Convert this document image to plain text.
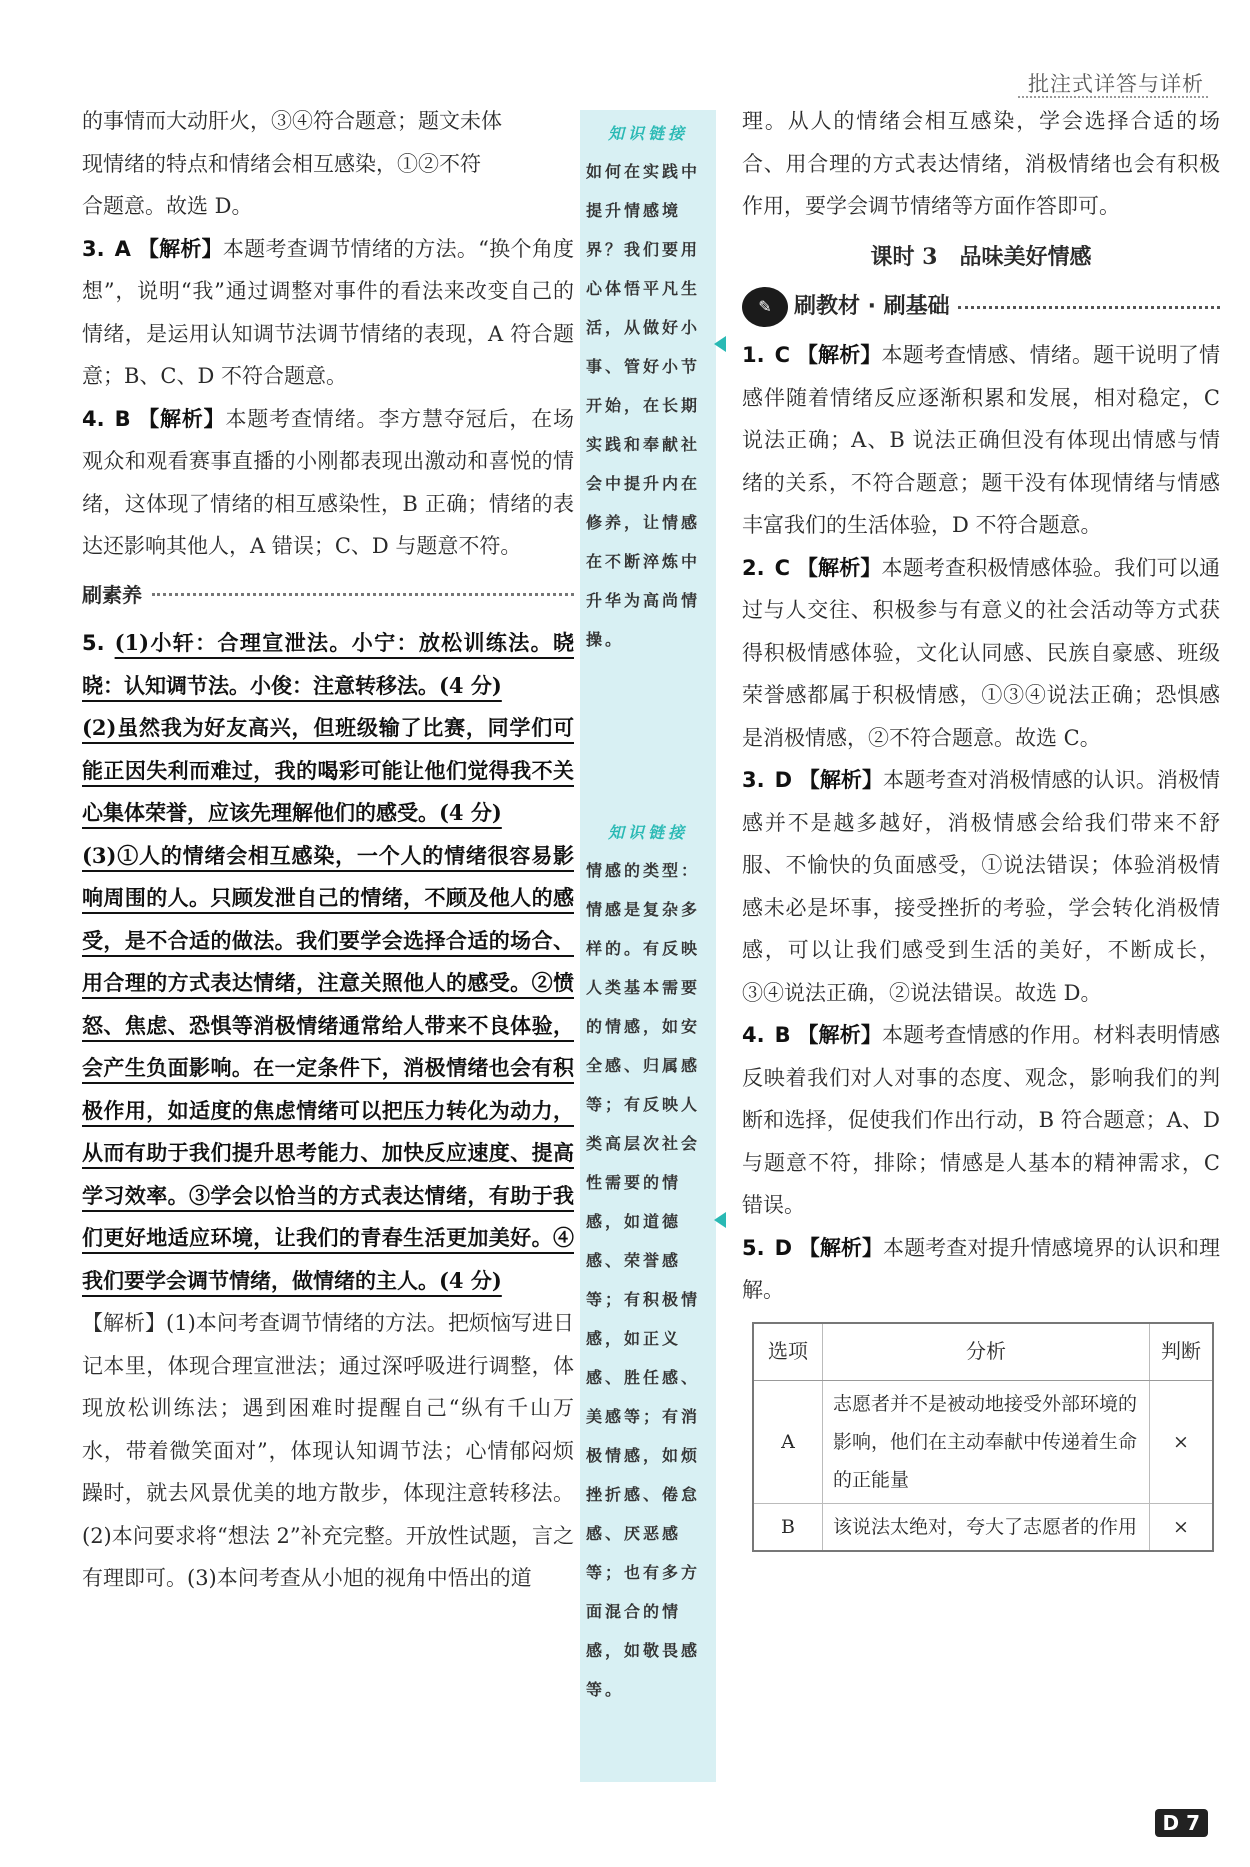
批注式详答与详析

的事情而大动肝火，③④符合题意；题文未体

现情绪的特点和情绪会相互感染，①②不符

合题意。故选 D。

3. A 【解析】本题考查调节情绪的方法。“换个角度想”，说明“我”通过调整对事件的看法来改变自己的情绪，是运用认知调节法调节情绪的表现，A 符合题意；B、C、D 不符合题意。

4. B 【解析】本题考查情绪。李方慧夺冠后，在场观众和观看赛事直播的小刚都表现出激动和喜悦的情绪，这体现了情绪的相互感染性，B 正确；情绪的表达还影响其他人，A 错误；C、D 与题意不符。

刷素养

5. (1)小轩：合理宣泄法。小宁：放松训练法。晓晓：认知调节法。小俊：注意转移法。(4 分)

(2)虽然我为好友高兴，但班级输了比赛，同学们可能正因失利而难过，我的喝彩可能让他们觉得我不关心集体荣誉，应该先理解他们的感受。(4 分)

(3)①人的情绪会相互感染，一个人的情绪很容易影响周围的人。只顾发泄自己的情绪，不顾及他人的感受，是不合适的做法。我们要学会选择合适的场合、用合理的方式表达情绪，注意关照他人的感受。②愤怒、焦虑、恐惧等消极情绪通常给人带来不良体验，会产生负面影响。在一定条件下，消极情绪也会有积极作用，如适度的焦虑情绪可以把压力转化为动力，从而有助于我们提升思考能力、加快反应速度、提高学习效率。③学会以恰当的方式表达情绪，有助于我们更好地适应环境，让我们的青春生活更加美好。④我们要学会调节情绪，做情绪的主人。(4 分)

【解析】(1)本问考查调节情绪的方法。把烦恼写进日记本里，体现合理宣泄法；通过深呼吸进行调整，体现放松训练法；遇到困难时提醒自己“纵有千山万水，带着微笑面对”，体现认知调节法；心情郁闷烦躁时，就去风景优美的地方散步，体现注意转移法。(2)本问要求将“想法 2”补充完整。开放性试题，言之有理即可。(3)本问考查从小旭的视角中悟出的道

知识链接
如何在实践中提升情感境界？我们要用心体悟平凡生活，从做好小事、管好小节开始，在长期实践和奉献社会中提升内在修养，让情感在不断淬炼中升华为高尚情操。
知识链接
情感的类型：情感是复杂多样的。有反映人类基本需要的情感，如安全感、归属感等；有反映人类高层次社会性需要的情感，如道德感、荣誉感等；有积极情感，如正义感、胜任感、美感等；有消极情感，如烦挫折感、倦怠感、厌恶感等；也有多方面混合的情感，如敬畏感等。

理。从人的情绪会相互感染，学会选择合适的场合、用合理的方式表达情绪，消极情绪也会有积极作用，要学会调节情绪等方面作答即可。

课时 3　品味美好情感
✎	刷教材 · 刷基础

1. C 【解析】本题考查情感、情绪。题干说明了情感伴随着情绪反应逐渐积累和发展，相对稳定，C 说法正确；A、B 说法正确但没有体现出情感与情绪的关系，不符合题意；题干没有体现情绪与情感丰富我们的生活体验，D 不符合题意。

2. C 【解析】本题考查积极情感体验。我们可以通过与人交往、积极参与有意义的社会活动等方式获得积极情感体验，文化认同感、民族自豪感、班级荣誉感都属于积极情感，①③④说法正确；恐惧感是消极情感，②不符合题意。故选 C。

3. D 【解析】本题考查对消极情感的认识。消极情感并不是越多越好，消极情感会给我们带来不舒服、不愉快的负面感受，①说法错误；体验消极情感未必是坏事，接受挫折的考验，学会转化消极情感，可以让我们感受到生活的美好，不断成长，③④说法正确，②说法错误。故选 D。

4. B 【解析】本题考查情感的作用。材料表明情感反映着我们对人对事的态度、观念，影响我们的判断和选择，促使我们作出行动，B 符合题意；A、D 与题意不符，排除；情感是人基本的精神需求，C 错误。

5. D 【解析】本题考查对提升情感境界的认识和理解。

选项	分析	判断
A	志愿者并不是被动地接受外部环境的影响，他们在主动奉献中传递着生命的正能量	×
B	该说法太绝对，夸大了志愿者的作用	×
D 7
